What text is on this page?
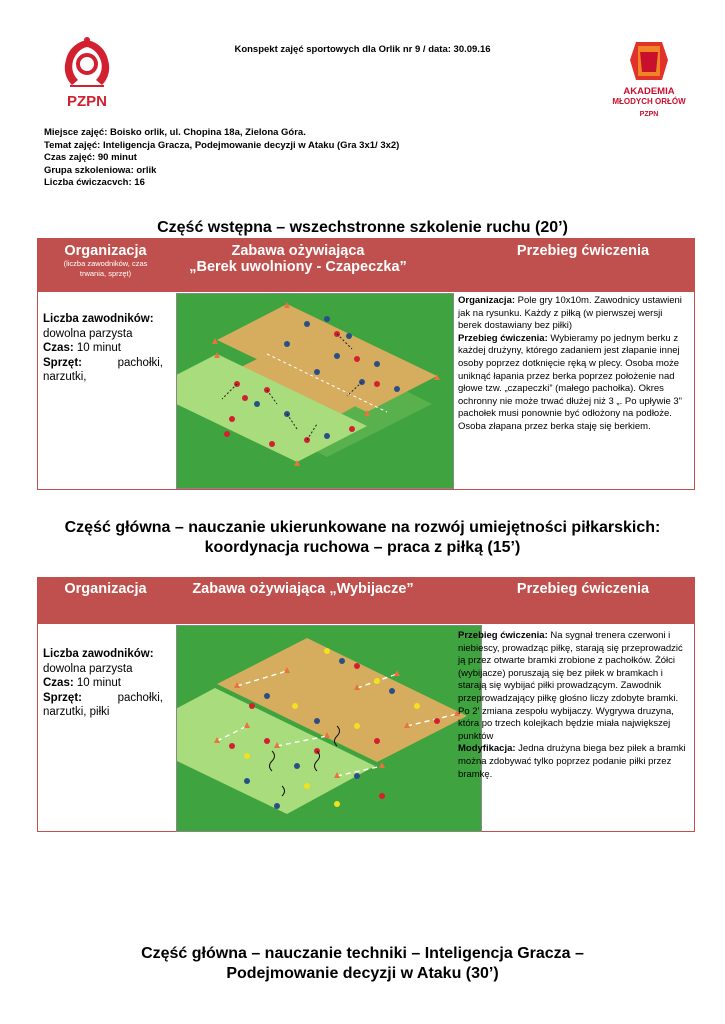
PZPN
Konspekt zajęć sportowych dla Orlik nr 9 / data: 30.09.16
AKADEMIA
MŁODYCH ORŁÓW
PZPN
Miejsce zajęć: Boisko orlik, ul. Chopina 18a, Zielona Góra.
Temat zajęć: Inteligencja Gracza, Podejmowanie decyzji w Ataku (Gra 3x1/ 3x2)
Czas zajęć: 90 minut
Grupa szkoleniowa: orlik
Liczba ćwiczacvch: 16
Część wstępna – wszechstronne szkolenie ruchu (20’)
Organizacja
(liczba zawodników, czas trwania, sprzęt)
Zabawa ożywiająca
„Berek uwolniony - Czapeczka”
Przebieg ćwiczenia
Liczba zawodników:
dowolna parzysta
Czas: 10 minut
Sprzęt:	pachołki,
narzutki,
Organizacja: Pole gry 10x10m. Zawodnicy ustawieni jak na rysunku. Każdy z piłką (w pierwszej wersji berek dostawiany bez piłki)
Przebieg ćwiczenia: Wybieramy po jednym berku z każdej drużyny, którego zadaniem jest złapanie innej osoby poprzez dotknięcie ręką w plecy. Osoba może uniknąć łapania przez berka poprzez położenie nad głowe tzw. „czapeczki” (małego pachołka). Okres ochronny nie może trwać dłużej niż 3 „. Po upływie 3” pachołek musi ponownie być odłożony na podłoże. Osoba złapana przez berka staję się berkiem.
Część główna – nauczanie ukierunkowane na rozwój umiejętności piłkarskich:
koordynacja ruchowa – praca z piłką (15’)
Organizacja	Zabawa ożywiająca „Wybijacze”	Przebieg ćwiczenia
Liczba zawodników:
dowolna parzysta
Czas: 10 minut
Sprzęt:	pachołki,
narzutki, piłki
Przebieg ćwiczenia: Na sygnał trenera czerwoni i niebiescy, prowadząc piłkę, starają się przeprowadzić ją przez otwarte bramki zrobione z pachołków. Żółci (wybijacze) poruszają się bez piłek w bramkach i starają się wybijać piłki prowadzącym. Zawodnik przeprowadzający piłkę głośno liczy zdobyte bramki. Po 2’ zmiana zespołu wybijaczy. Wygrywa druzyna, która po trzech kolejkach będzie miała największej punktów
Modyfikacja: Jedna drużyna biega bez piłek a bramki można zdobywać tylko poprzez podanie piłki przez bramkę.
Część główna – nauczanie techniki – Inteligencja Gracza –
Podejmowanie decyzji w Ataku (30’)
